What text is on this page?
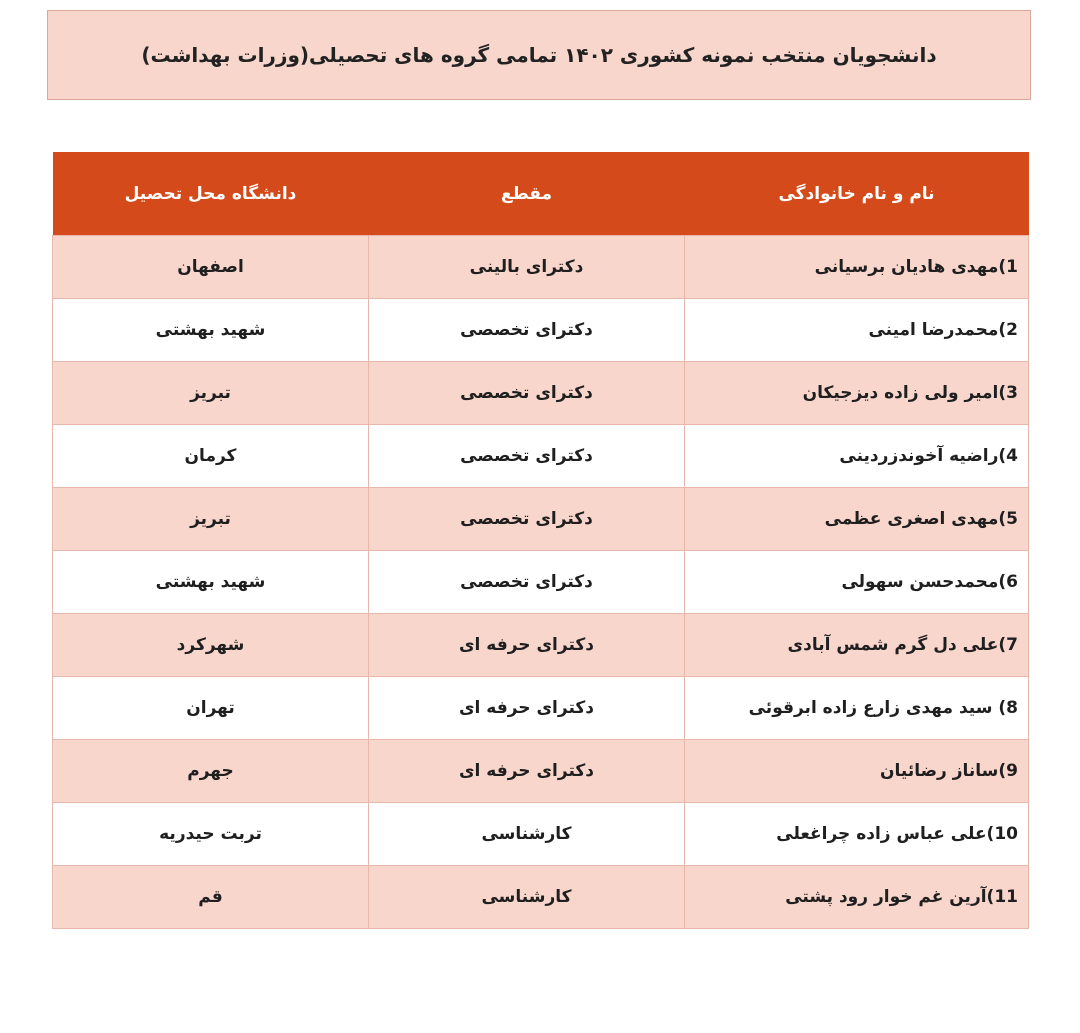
دانشجویان منتخب نمونه کشوری ۱۴۰۲ تمامی گروه های تحصیلی(وزرات بهداشت)
نام و نام خانوادگی	مقطع	دانشگاه محل تحصیل
1)مهدی هادیان برسیانی	دکترای بالینی	اصفهان
2)محمدرضا امینی	دکترای تخصصی	شهید بهشتی
3)امیر ولی زاده دیزجیکان	دکترای تخصصی	تبریز
4)راضیه آخوندزردینی	دکترای تخصصی	کرمان
5)مهدی اصغری عظمی	دکترای تخصصی	تبریز
6)محمدحسن سهولی	دکترای تخصصی	شهید بهشتی
7)علی دل گرم شمس آبادی	دکترای حرفه ای	شهرکرد
8) سید مهدی زارع زاده ابرقوئی	دکترای حرفه ای	تهران
9)ساناز رضائیان	دکترای حرفه ای	جهرم
10)علی عباس زاده چراغعلی	کارشناسی	تربت حیدریه
11)آرین غم خوار رود پشتی	کارشناسی	قم
